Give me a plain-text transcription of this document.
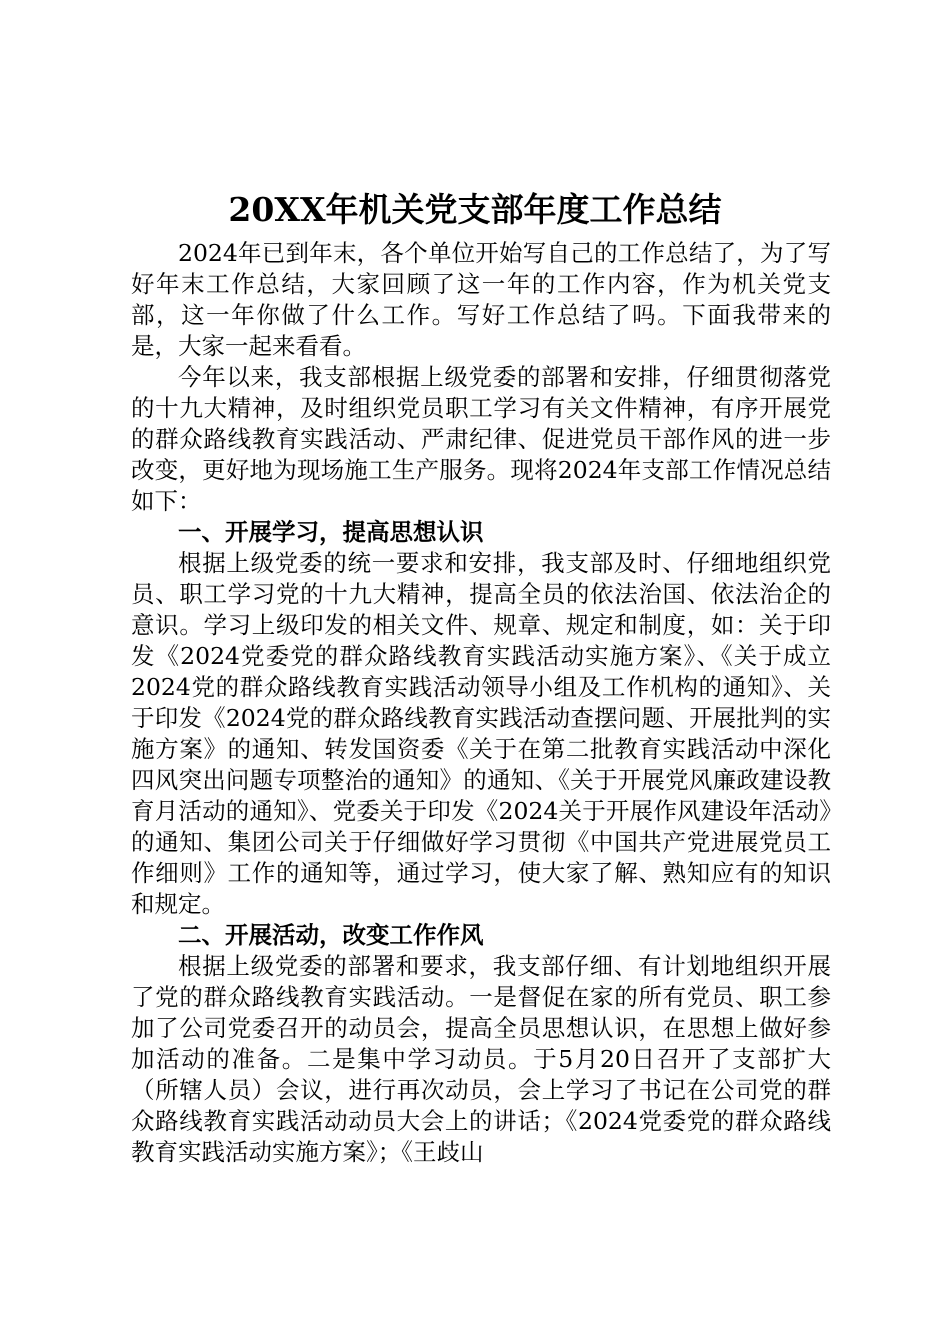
20XX年机关党支部年度工作总结

2024年已到年末，各个单位开始写自己的工作总结了，为了写好年末工作总结，大家回顾了这一年的工作内容，作为机关党支部，这一年你做了什么工作。写好工作总结了吗。下面我带来的是，大家一起来看看。

今年以来，我支部根据上级党委的部署和安排，仔细贯彻落党的十九大精神，及时组织党员职工学习有关文件精神，有序开展党的群众路线教育实践活动、严肃纪律、促进党员干部作风的进一步改变，更好地为现场施工生产服务。现将2024年支部工作情况总结如下：

一、开展学习，提高思想认识

根据上级党委的统一要求和安排，我支部及时、仔细地组织党员、职工学习党的十九大精神，提高全员的依法治国、依法治企的意识。学习上级印发的相关文件、规章、规定和制度，如：关于印发《2024党委党的群众路线教育实践活动实施方案》、《关于成立2024党的群众路线教育实践活动领导小组及工作机构的通知》、关于印发《2024党的群众路线教育实践活动查摆问题、开展批判的实施方案》的通知、转发国资委《关于在第二批教育实践活动中深化四风突出问题专项整治的通知》的通知、《关于开展党风廉政建设教育月活动的通知》、党委关于印发《2024关于开展作风建设年活动》的通知、集团公司关于仔细做好学习贯彻《中国共产党进展党员工作细则》工作的通知等，通过学习，使大家了解、熟知应有的知识和规定。

二、开展活动，改变工作作风

根据上级党委的部署和要求，我支部仔细、有计划地组织开展了党的群众路线教育实践活动。一是督促在家的所有党员、职工参加了公司党委召开的动员会，提高全员思想认识，在思想上做好参加活动的准备。二是集中学习动员。于5月20日召开了支部扩大（所辖人员）会议，进行再次动员，会上学习了书记在公司党的群众路线教育实践活动动员大会上的讲话；《2024党委党的群众路线教育实践活动实施方案》；《王歧山
